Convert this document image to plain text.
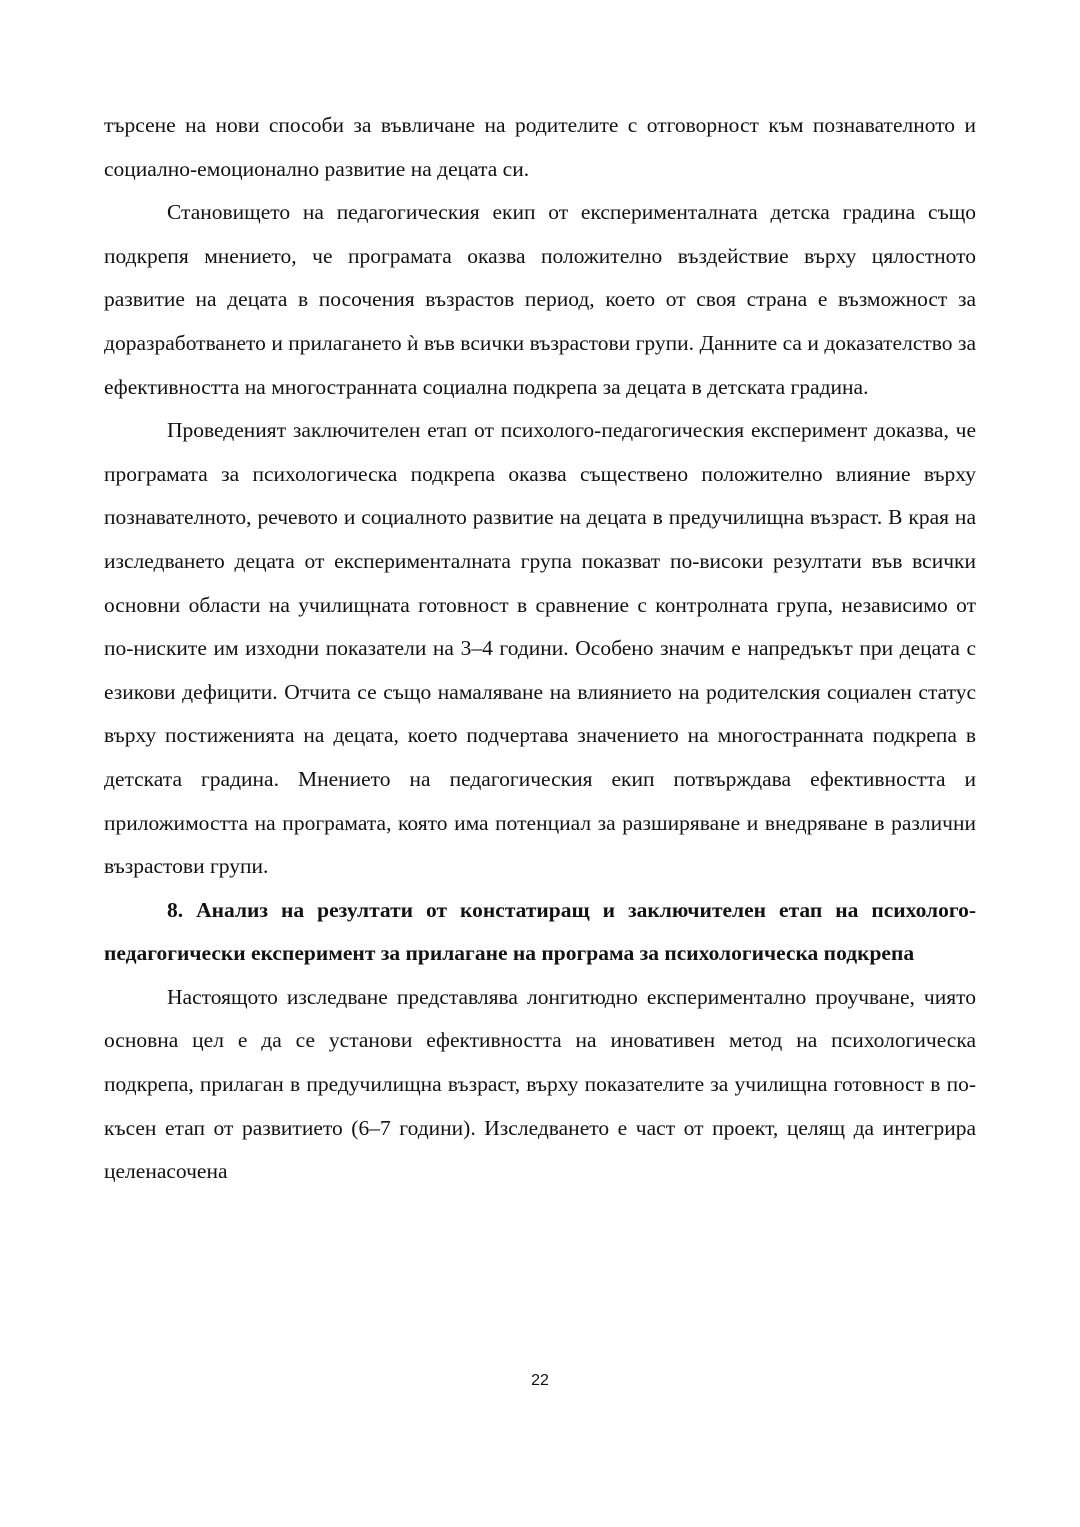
търсене на нови способи за въвличане на родителите с отговорност към познавателното и социално-емоционално развитие на децата си.

Становището на педагогическия екип от експерименталната детска градина също подкрепя мнението, че програмата оказва положително въздействие върху цялостното развитие на децата в посочения възрастов период, което от своя страна е възможност за доразработването и прилагането ѝ във всички възрастови групи. Данните са и доказателство за ефективността на многостранната социална подкрепа за децата в детската градина.

Проведеният заключителен етап от психолого-педагогическия експеримент доказва, че програмата за психологическа подкрепа оказва съществено положително влияние върху познавателното, речевото и социалното развитие на децата в предучилищна възраст. В края на изследването децата от експерименталната група показват по-високи резултати във всички основни области на училищната готовност в сравнение с контролната група, независимо от по-ниските им изходни показатели на 3–4 години. Особено значим е напредъкът при децата с езикови дефицити. Отчита се също намаляване на влиянието на родителския социален статус върху постиженията на децата, което подчертава значението на многостранната подкрепа в детската градина. Мнението на педагогическия екип потвърждава ефективността и приложимостта на програмата, която има потенциал за разширяване и внедряване в различни възрастови групи.

8. Анализ на резултати от констатиращ и заключителен етап на психолого-педагогически експеримент за прилагане на програма за психологическа подкрепа

Настоящото изследване представлява лонгитюдно експериментално проучване, чиято основна цел е да се установи ефективността на иновативен метод на психологическа подкрепа, прилаган в предучилищна възраст, върху показателите за училищна готовност в по-късен етап от развитието (6–7 години). Изследването е част от проект, целящ да интегрира целенасочена

22
